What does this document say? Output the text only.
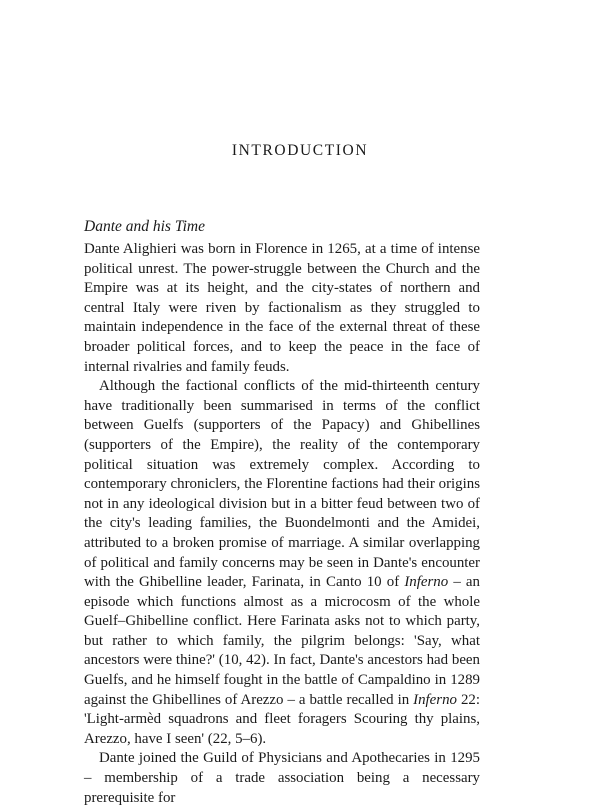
INTRODUCTION
Dante and his Time

Dante Alighieri was born in Florence in 1265, at a time of intense political unrest. The power-struggle between the Church and the Empire was at its height, and the city-states of northern and central Italy were riven by factionalism as they struggled to maintain independence in the face of the external threat of these broader political forces, and to keep the peace in the face of internal rivalries and family feuds.

Although the factional conflicts of the mid-thirteenth century have traditionally been summarised in terms of the conflict between Guelfs (supporters of the Papacy) and Ghibellines (supporters of the Empire), the reality of the contemporary political situation was extremely complex. According to contemporary chroniclers, the Florentine factions had their origins not in any ideological division but in a bitter feud between two of the city's leading families, the Buondelmonti and the Amidei, attributed to a broken promise of marriage. A similar overlapping of political and family concerns may be seen in Dante's encounter with the Ghibelline leader, Farinata, in Canto 10 of Inferno – an episode which functions almost as a microcosm of the whole Guelf–Ghibelline conflict. Here Farinata asks not to which party, but rather to which family, the pilgrim belongs: 'Say, what ancestors were thine?' (10, 42). In fact, Dante's ancestors had been Guelfs, and he himself fought in the battle of Campaldino in 1289 against the Ghibellines of Arezzo – a battle recalled in Inferno 22: 'Light-armèd squadrons and fleet foragers Scouring thy plains, Arezzo, have I seen' (22, 5–6).

Dante joined the Guild of Physicians and Apothecaries in 1295 – membership of a trade association being a necessary prerequisite for
